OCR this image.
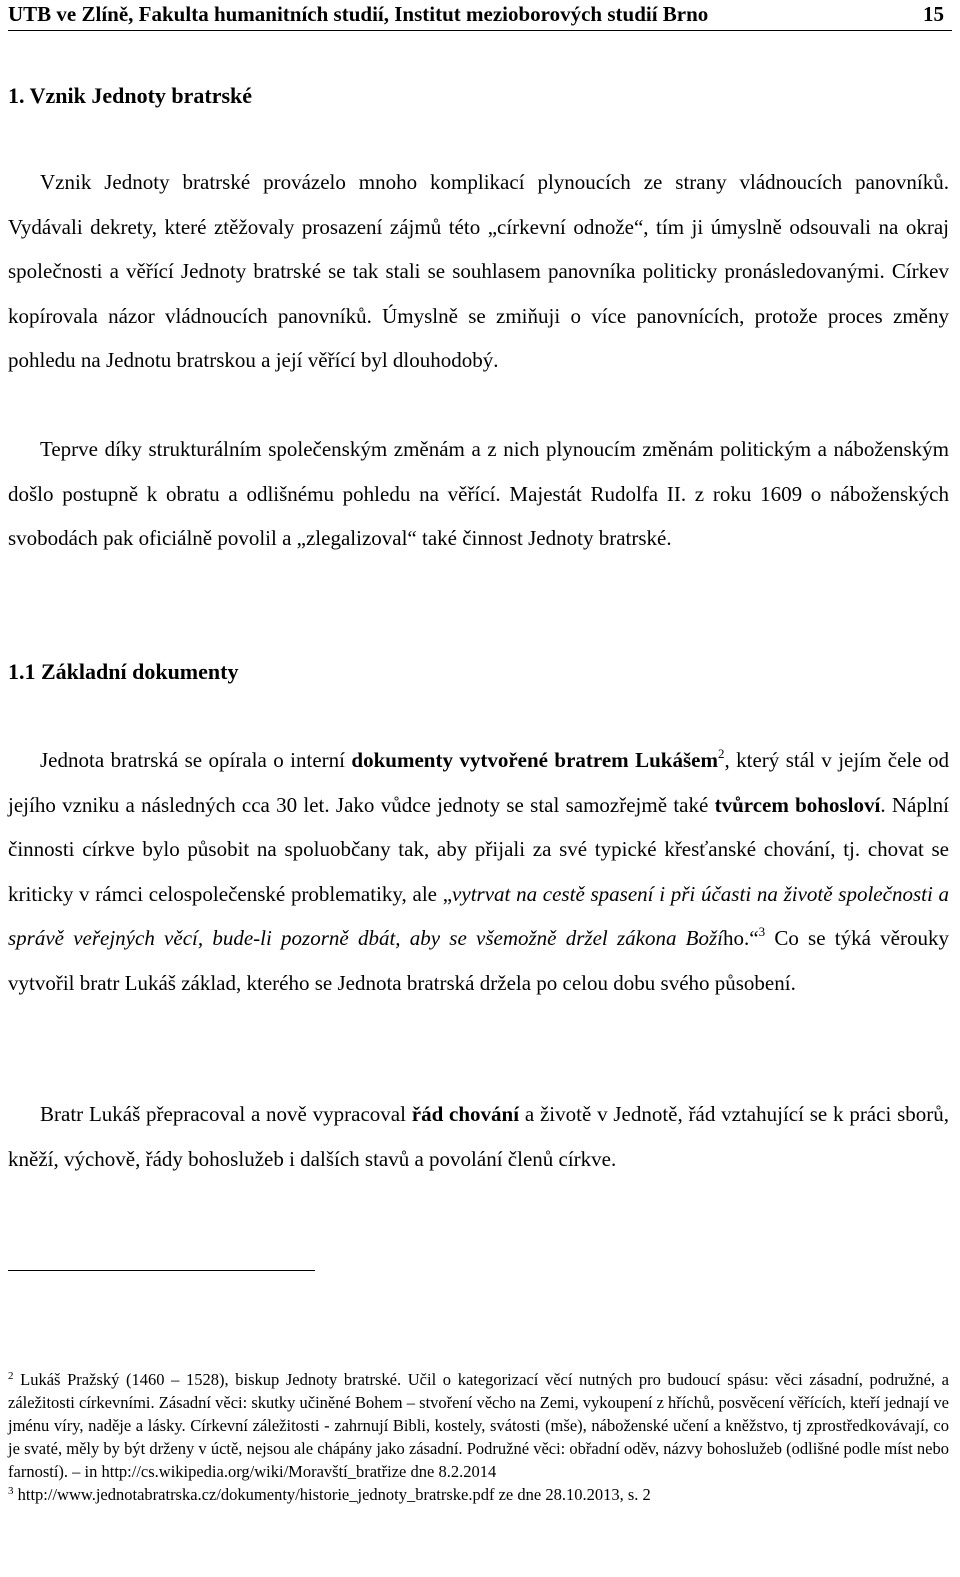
UTB ve Zlíně, Fakulta humanitních studií, Institut mezioborových studií Brno	15
1. Vznik Jednoty bratrské

Vznik Jednoty bratrské provázelo mnoho komplikací plynoucích ze strany vládnoucích panovníků. Vydávali dekrety, které ztěžovaly prosazení zájmů této „církevní odnože“, tím ji úmyslně odsouvali na okraj společnosti a věřící Jednoty bratrské se tak stali se souhlasem panovníka politicky pronásledovanými. Církev kopírovala názor vládnoucích panovníků. Úmyslně se zmiňuji o více panovnících, protože proces změny pohledu na Jednotu bratrskou a její věřící byl dlouhodobý.

Teprve díky strukturálním společenským změnám a z nich plynoucím změnám politickým a náboženským došlo postupně k obratu a odlišnému pohledu na věřící. Majestát Rudolfa II. z roku 1609 o náboženských svobodách pak oficiálně povolil a „zlegalizoval“ také činnost Jednoty bratrské.

1.1 Základní dokumenty

Jednota bratrská se opírala o interní dokumenty vytvořené bratrem Lukášem$^2$, který stál v jejím čele od jejího vzniku a následných cca 30 let. Jako vůdce jednoty se stal samozřejmě také tvůrcem bohosloví. Náplní činnosti církve bylo působit na spoluobčany tak, aby přijali za své typické křesťanské chování, tj. chovat se kriticky v rámci celospolečenské problematiky, ale „vytrvat na cestě spasení i při účasti na životě společnosti a správě veřejných věcí, bude-li pozorně dbát, aby se všemožně držel zákona Božího.“$^3$ Co se týká věrouky vytvořil bratr Lukáš základ, kterého se Jednota bratrská držela po celou dobu svého působení.

Bratr Lukáš přepracoval a nově vypracoval řád chování a životě v Jednotě, řád vztahující se k práci sborů, kněží, výchově, řády bohoslužeb i dalších stavů a povolání členů církve.

$^2$ Lukáš Pražský (1460 – 1528), biskup Jednoty bratrské. Učil o kategorizací věcí nutných pro budoucí spásu: věci zásadní, podružné, a záležitosti církevními. Zásadní věci: skutky učiněné Bohem – stvoření věcho na Zemi, vykoupení z hříchů, posvěcení věřících, kteří jednají ve jménu víry, naděje a lásky. Církevní záležitosti - zahrnují Bibli, kostely, svátosti (mše), náboženské učení a kněžstvo, tj zprostředkovávají, co je svaté, měly by být drženy v úctě, nejsou ale chápány jako zásadní. Podružné věci: obřadní oděv, názvy bohoslužeb (odlišné podle míst nebo farností). – in http://cs.wikipedia.org/wiki/Moravští_bratřize dne 8.2.2014

$^3$ http://www.jednotabratrska.cz/dokumenty/historie_jednoty_bratrske.pdf ze dne 28.10.2013, s. 2
